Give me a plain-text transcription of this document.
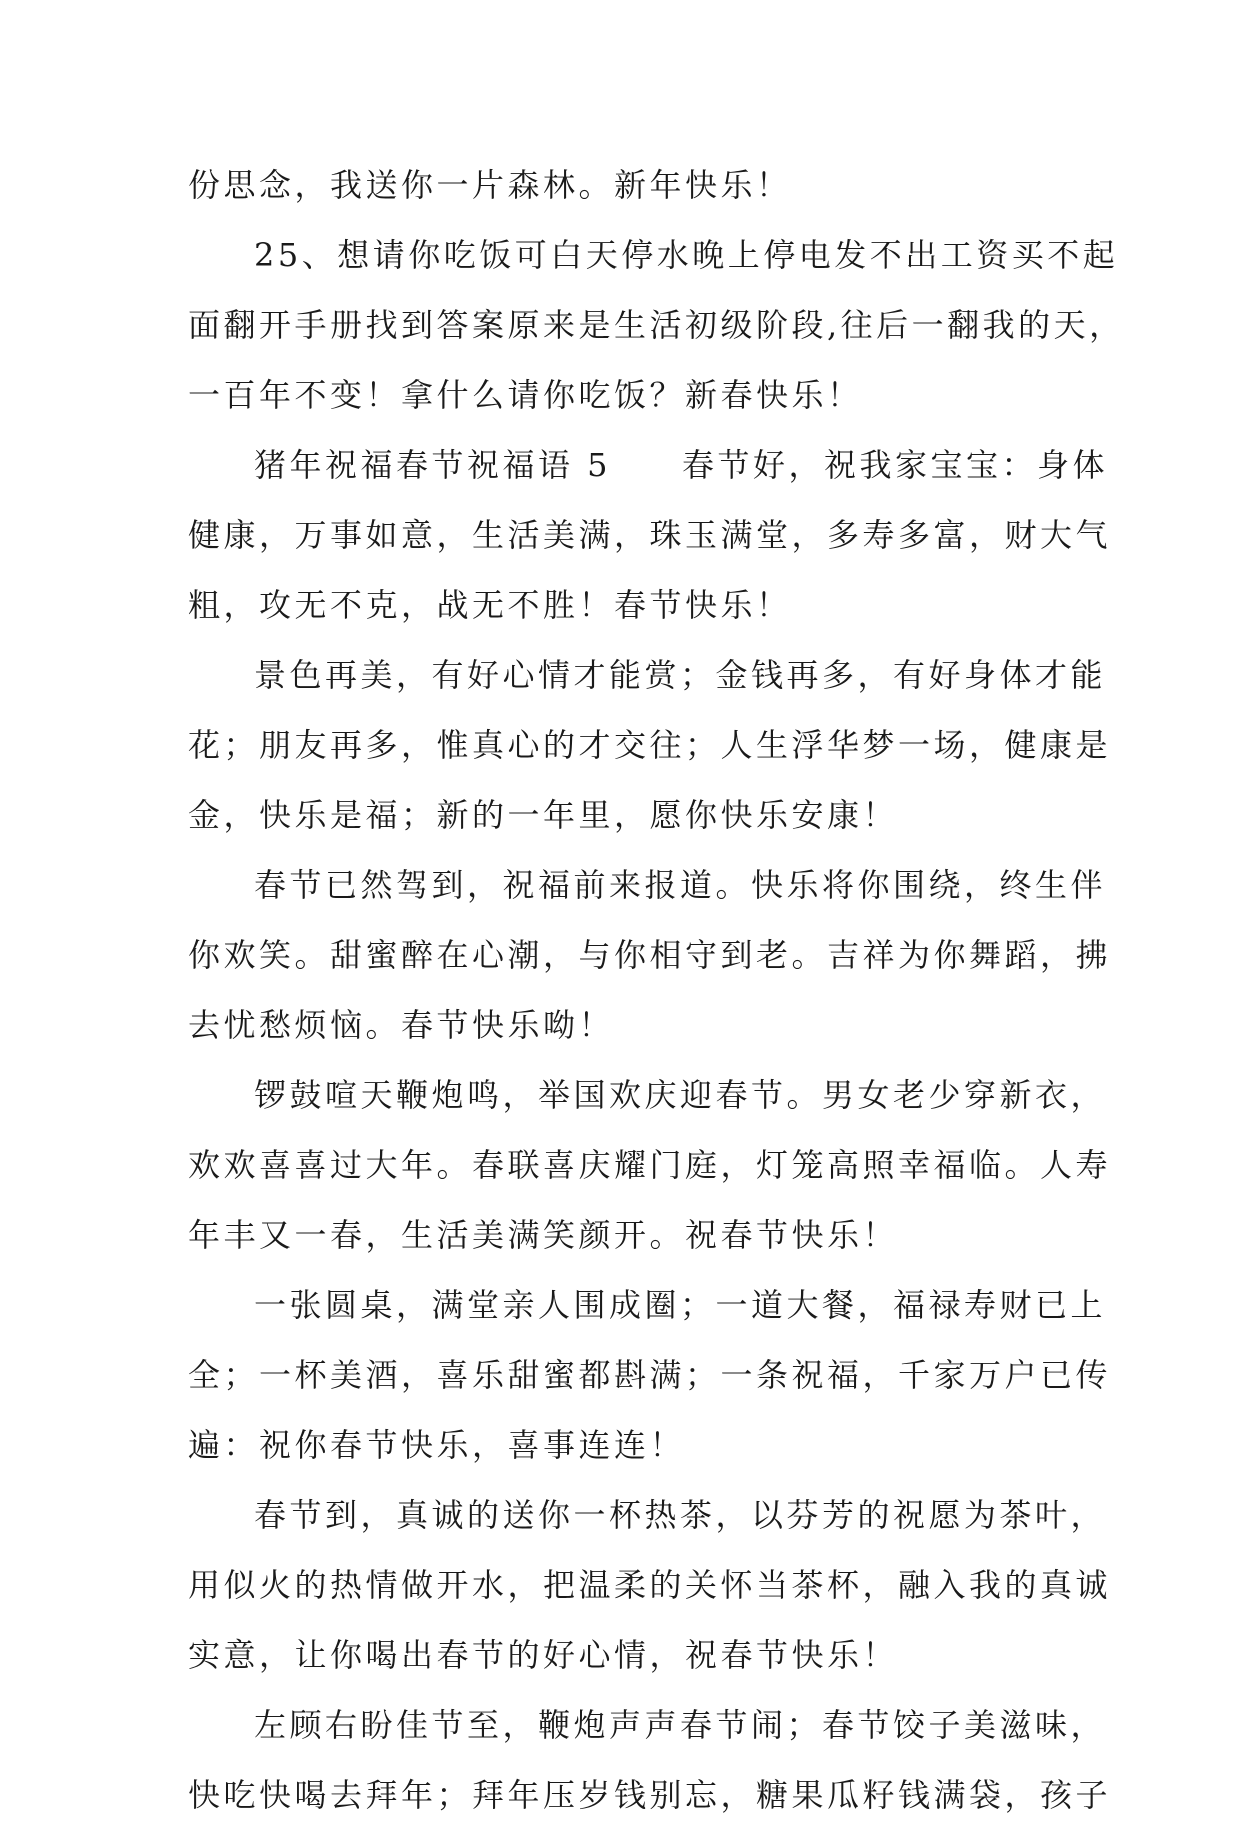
份思念，我送你一片森林。新年快乐！
25、想请你吃饭可白天停水晚上停电发不出工资买不起
面翻开手册找到答案原来是生活初级阶段,往后一翻我的天，
一百年不变！拿什么请你吃饭？新春快乐！
猪年祝福春节祝福语 5　　春节好，祝我家宝宝：身体
健康，万事如意，生活美满，珠玉满堂，多寿多富，财大气
粗，攻无不克，战无不胜！春节快乐！
景色再美，有好心情才能赏；金钱再多，有好身体才能
花；朋友再多，惟真心的才交往；人生浮华梦一场，健康是
金，快乐是福；新的一年里，愿你快乐安康！
春节已然驾到，祝福前来报道。快乐将你围绕，终生伴
你欢笑。甜蜜醉在心潮，与你相守到老。吉祥为你舞蹈，拂
去忧愁烦恼。春节快乐呦！
锣鼓喧天鞭炮鸣，举国欢庆迎春节。男女老少穿新衣，
欢欢喜喜过大年。春联喜庆耀门庭，灯笼高照幸福临。人寿
年丰又一春，生活美满笑颜开。祝春节快乐！
一张圆桌，满堂亲人围成圈；一道大餐，福禄寿财已上
全；一杯美酒，喜乐甜蜜都斟满；一条祝福，千家万户已传
遍：祝你春节快乐，喜事连连！
春节到，真诚的送你一杯热茶，以芬芳的祝愿为茶叶，
用似火的热情做开水，把温柔的关怀当茶杯，融入我的真诚
实意，让你喝出春节的好心情，祝春节快乐！
左顾右盼佳节至，鞭炮声声春节闹；春节饺子美滋味，
快吃快喝去拜年；拜年压岁钱别忘，糖果瓜籽钱满袋，孩子
